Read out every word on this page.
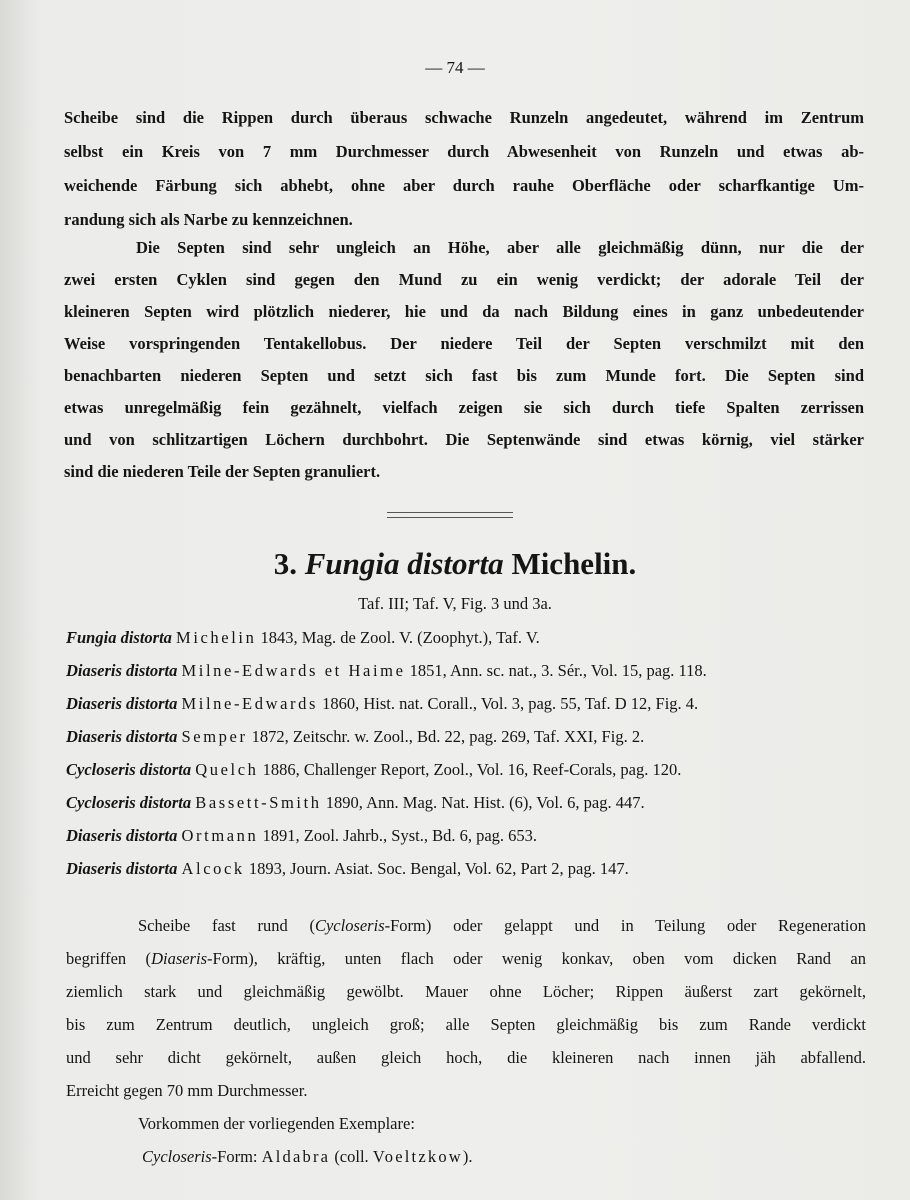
— 74 —
Scheibe sind die Rippen durch überaus schwache Runzeln angedeutet, während im Zentrum
selbst ein Kreis von 7 mm Durchmesser durch Abwesenheit von Runzeln und etwas ab-
weichende Färbung sich abhebt, ohne aber durch rauhe Oberfläche oder scharfkantige Um-
randung sich als Narbe zu kennzeichnen.
Die Septen sind sehr ungleich an Höhe, aber alle gleichmäßig dünn, nur die der
zwei ersten Cyklen sind gegen den Mund zu ein wenig verdickt; der adorale Teil der
kleineren Septen wird plötzlich niederer, hie und da nach Bildung eines in ganz unbedeutender
Weise vorspringenden Tentakellobus. Der niedere Teil der Septen verschmilzt mit den
benachbarten niederen Septen und setzt sich fast bis zum Munde fort. Die Septen sind
etwas unregelmäßig fein gezähnelt, vielfach zeigen sie sich durch tiefe Spalten zerrissen
und von schlitzartigen Löchern durchbohrt. Die Septenwände sind etwas körnig, viel stärker
sind die niederen Teile der Septen granuliert.
3. Fungia distorta Michelin.
Taf. III; Taf. V, Fig. 3 und 3a.
Fungia distorta Michelin 1843, Mag. de Zool. V. (Zoophyt.), Taf. V.
Diaseris distorta Milne-Edwards et Haime 1851, Ann. sc. nat., 3. Sér., Vol. 15, pag. 118.
Diaseris distorta Milne-Edwards 1860, Hist. nat. Corall., Vol. 3, pag. 55, Taf. D 12, Fig. 4.
Diaseris distorta Semper 1872, Zeitschr. w. Zool., Bd. 22, pag. 269, Taf. XXI, Fig. 2.
Cycloseris distorta Quelch 1886, Challenger Report, Zool., Vol. 16, Reef-Corals, pag. 120.
Cycloseris distorta Bassett-Smith 1890, Ann. Mag. Nat. Hist. (6), Vol. 6, pag. 447.
Diaseris distorta Ortmann 1891, Zool. Jahrb., Syst., Bd. 6, pag. 653.
Diaseris distorta Alcock 1893, Journ. Asiat. Soc. Bengal, Vol. 62, Part 2, pag. 147.
Scheibe fast rund (Cycloseris-Form) oder gelappt und in Teilung oder Regeneration
begriffen (Diaseris-Form), kräftig, unten flach oder wenig konkav, oben vom dicken Rand an
ziemlich stark und gleichmäßig gewölbt. Mauer ohne Löcher; Rippen äußerst zart gekörnelt,
bis zum Zentrum deutlich, ungleich groß; alle Septen gleichmäßig bis zum Rande verdickt
und sehr dicht gekörnelt, außen gleich hoch, die kleineren nach innen jäh abfallend.
Erreicht gegen 70 mm Durchmesser.
Vorkommen der vorliegenden Exemplare:
Cycloseris-Form: Aldabra (coll. Voeltzkow).
